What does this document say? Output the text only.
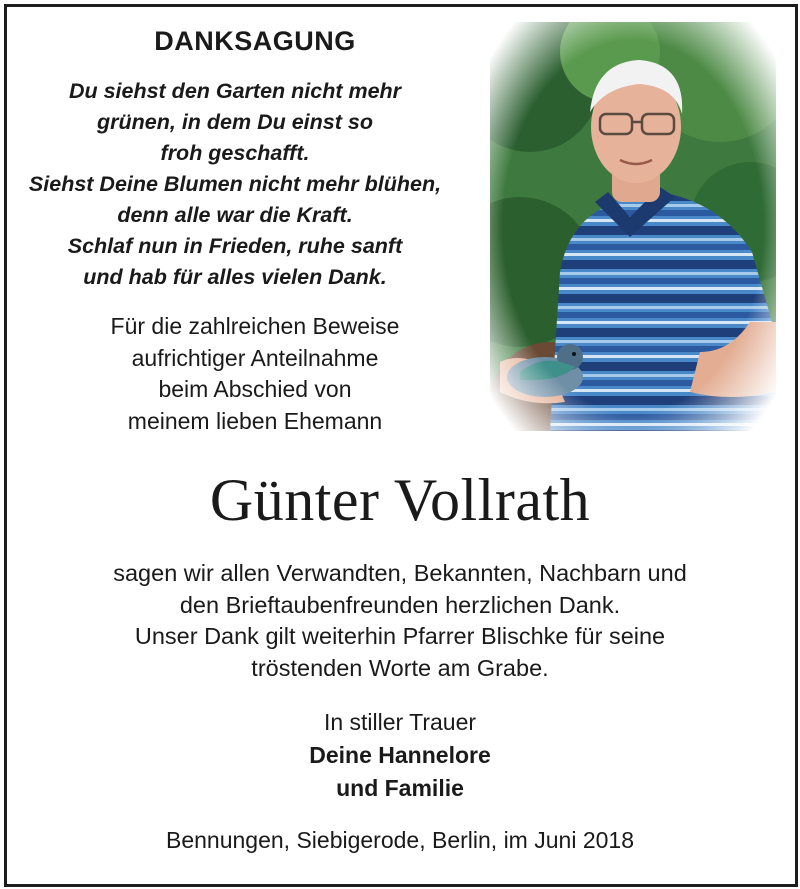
DANKSAGUNG
Du siehst den Garten nicht mehr
grünen, in dem Du einst so
froh geschafft.
Siehst Deine Blumen nicht mehr blühen,
denn alle war die Kraft.
Schlaf nun in Frieden, ruhe sanft
und hab für alles vielen Dank.
Für die zahlreichen Beweise
aufrichtiger Anteilnahme
beim Abschied von
meinem lieben Ehemann
Günter Vollrath
sagen wir allen Verwandten, Bekannten, Nachbarn und
den Brieftaubenfreunden herzlichen Dank.
Unser Dank gilt weiterhin Pfarrer Blischke für seine
tröstenden Worte am Grabe.
In stiller Trauer
Deine Hannelore
und Familie
Bennungen, Siebigerode, Berlin, im Juni 2018
